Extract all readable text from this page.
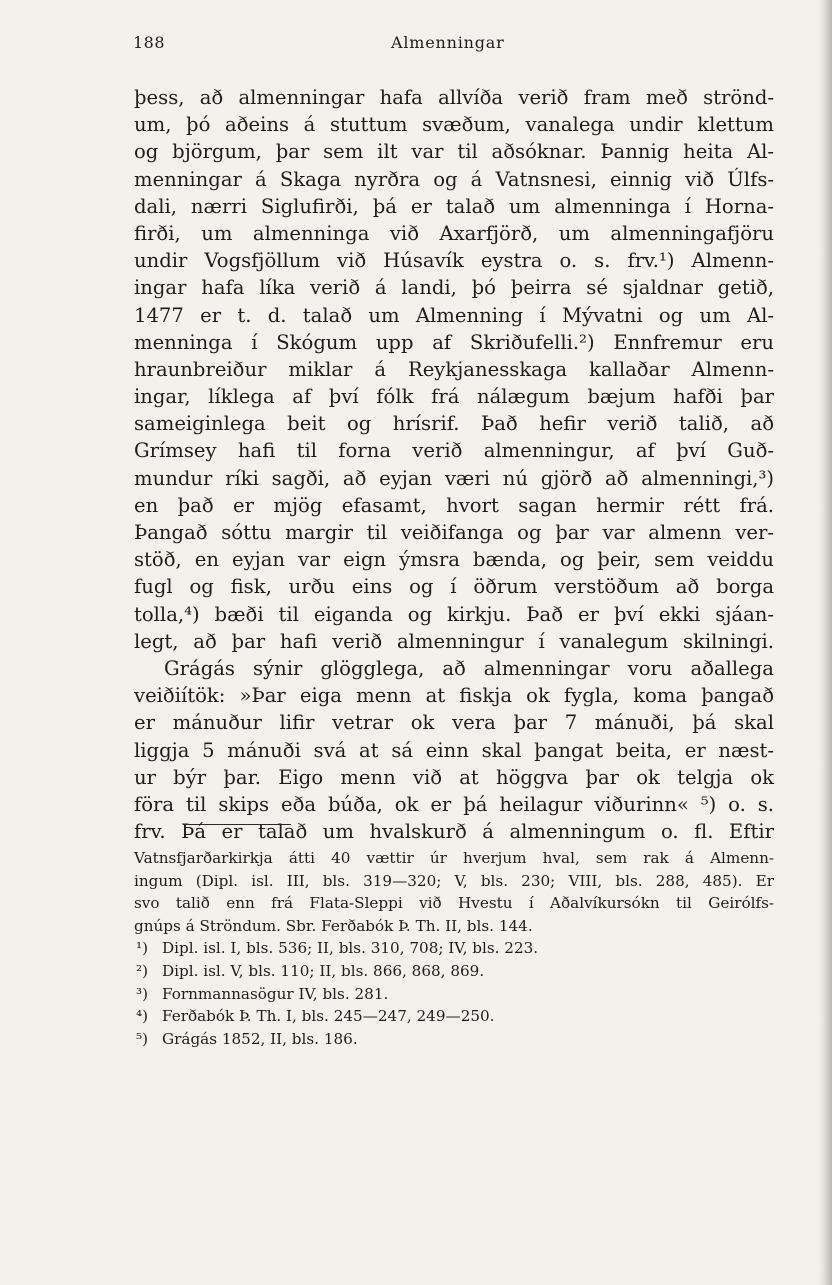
188	Almenningar
þess, að almenningar hafa allvíða verið fram með strönd-
um, þó aðeins á stuttum svæðum, vanalega undir klettum
og björgum, þar sem ilt var til aðsóknar. Þannig heita Al-
menningar á Skaga nyrðra og á Vatnsnesi, einnig við Úlfs-
dali, nærri Siglufirði, þá er talað um almenninga í Horna-
firði, um almenninga við Axarfjörð, um almenningafjöru
undir Vogsfjöllum við Húsavík eystra o. s. frv.¹) Almenn-
ingar hafa líka verið á landi, þó þeirra sé sjaldnar getið,
1477 er t. d. talað um Almenning í Mývatni og um Al-
menninga í Skógum upp af Skriðufelli.²) Ennfremur eru
hraunbreiður miklar á Reykjanesskaga kallaðar Almenn-
ingar, líklega af því fólk frá nálægum bæjum hafði þar
sameiginlega beit og hrísrif. Það hefir verið talið, að
Grímsey hafi til forna verið almenningur, af því Guð-
mundur ríki sagði, að eyjan væri nú gjörð að almenningi,³)
en það er mjög efasamt, hvort sagan hermir rétt frá.
Þangað sóttu margir til veiðifanga og þar var almenn ver-
stöð, en eyjan var eign ýmsra bænda, og þeir, sem veiddu
fugl og fisk, urðu eins og í öðrum verstöðum að borga
tolla,⁴) bæði til eiganda og kirkju. Það er því ekki sjáan-
legt, að þar hafi verið almenningur í vanalegum skilningi.
Grágás sýnir glögglega, að almenningar voru aðallega
veiðiítök: »Þar eiga menn at fiskja ok fygla, koma þangað
er mánuður lifir vetrar ok vera þar 7 mánuði, þá skal
liggja 5 mánuði svá at sá einn skal þangat beita, er næst-
ur býr þar. Eigo menn við at höggva þar ok telgja ok
föra til skips eða búða, ok er þá heilagur viðurinn« ⁵) o. s.
frv. Þá er talað um hvalskurð á almenningum o. fl. Eftir
Vatnsfjarðarkirkja átti 40 vættir úr hverjum hval, sem rak á Almenn-
ingum (Dipl. isl. III, bls. 319—320; V, bls. 230; VIII, bls. 288, 485). Er
svo talið enn frá Flata-Sleppi við Hvestu í Aðalvíkursókn til Geirólfs-
gnúps á Ströndum. Sbr. Ferðabók Þ. Th. II, bls. 144.
¹) Dipl. isl. I, bls. 536; II, bls. 310, 708; IV, bls. 223.
²) Dipl. isl. V, bls. 110; II, bls. 866, 868, 869.
³) Fornmannasögur IV, bls. 281.
⁴) Ferðabók Þ. Th. I, bls. 245—247, 249—250.
⁵) Grágás 1852, II, bls. 186.
